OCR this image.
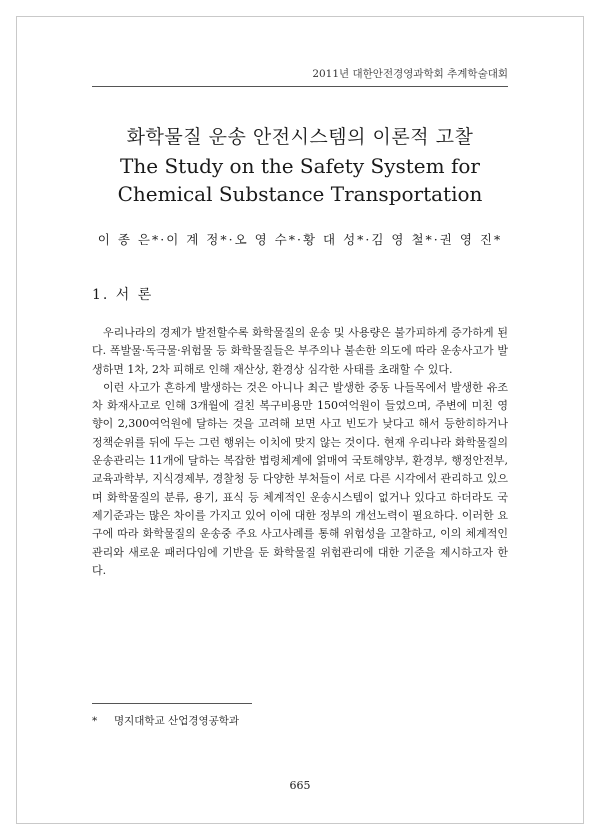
2011년 대한안전경영과학회 추계학술대회
화학물질 운송 안전시스템의 이론적 고찰
The Study on the Safety System for
Chemical Substance Transportation
이 종 은*·이 계 정*·오 영 수*·황 대 성*·김 영 철*·권 영 진*
1. 서 론

우리나라의 경제가 발전할수록 화학물질의 운송 및 사용량은 불가피하게 증가하게 된다. 폭발물·독극물·위험물 등 화학물질들은 부주의나 불손한 의도에 따라 운송사고가 발생하면 1차, 2차 피해로 인해 재산상, 환경상 심각한 사태를 초래할 수 있다.

이런 사고가 흔하게 발생하는 것은 아니나 최근 발생한 중동 나들목에서 발생한 유조차 화재사고로 인해 3개월에 걸친 복구비용만 150여억원이 들었으며, 주변에 미친 영향이 2,300여억원에 달하는 것을 고려해 보면 사고 빈도가 낮다고 해서 등한히하거나 정책순위를 뒤에 두는 그런 행위는 이치에 맞지 않는 것이다. 현재 우리나라 화학물질의 운송관리는 11개에 달하는 복잡한 법령체계에 얽매여 국토해양부, 환경부, 행정안전부, 교육과학부, 지식경제부, 경찰청 등 다양한 부처들이 서로 다른 시각에서 관리하고 있으며 화학물질의 분류, 용기, 표식 등 체계적인 운송시스템이 없거나 있다고 하더라도 국제기준과는 많은 차이를 가지고 있어 이에 대한 정부의 개선노력이 필요하다. 이러한 요구에 따라 화학물질의 운송중 주요 사고사례를 통해 위험성을 고찰하고, 이의 체계적인 관리와 새로운 패러다임에 기반을 둔 화학물질 위험관리에 대한 기준을 제시하고자 한다.

* 명지대학교 산업경영공학과
665
